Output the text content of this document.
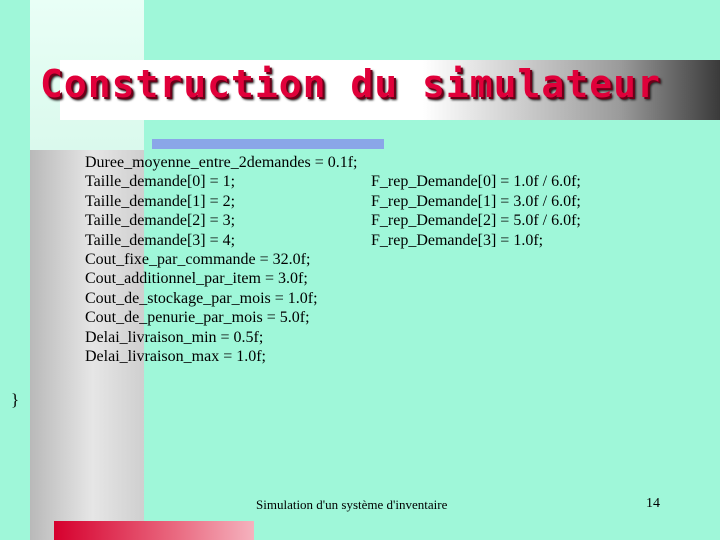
Construction du simulateur
Duree_moyenne_entre_2demandes = 0.1f;
Taille_demande[0] = 1;	F_rep_Demande[0] = 1.0f / 6.0f;
Taille_demande[1] = 2;	F_rep_Demande[1] = 3.0f / 6.0f;
Taille_demande[2] = 3;	F_rep_Demande[2] = 5.0f / 6.0f;
Taille_demande[3] = 4;	F_rep_Demande[3] = 1.0f;
Cout_fixe_par_commande = 32.0f;
Cout_additionnel_par_item = 3.0f;
Cout_de_stockage_par_mois = 1.0f;
Cout_de_penurie_par_mois = 5.0f;
Delai_livraison_min = 0.5f;
Delai_livraison_max = 1.0f;
}
Simulation d'un système d'inventaire	14
